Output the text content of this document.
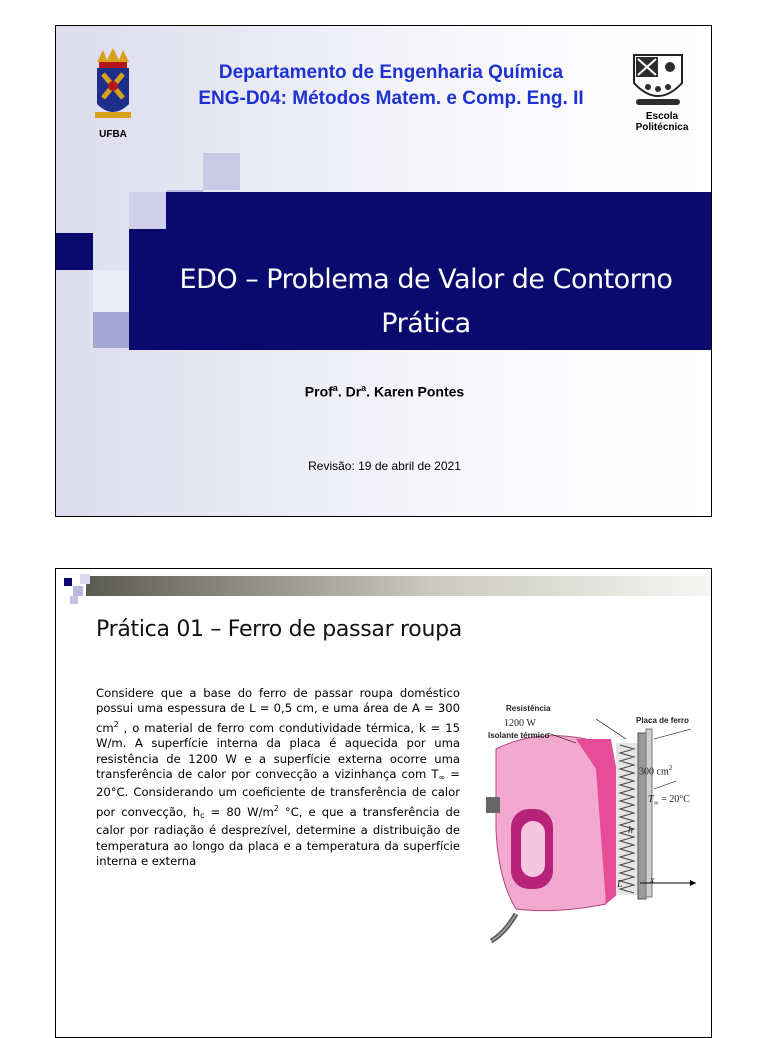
EDO – Problema de Valor de Contorno
Prática
UFBA
Departamento de Engenharia Química
ENG-D04: Métodos Matem. e Comp. Eng. II
Escola
Politécnica
Prof$^a$. Dr$^a$. Karen Pontes
Revisão: 19 de abril de 2021
Prática 01 – Ferro de passar roupa
Considere que a base do ferro de passar roupa doméstico possui uma espessura de L = 0,5 cm, e uma área de A = 300 $cm^2$ , o material de ferro com condutividade térmica, k = 15 W/m. A superfície interna da placa é aquecida por uma resistência de 1200 W e a superfície externa ocorre uma transferência de calor por convecção a vizinhança com $T_\infty = 20^\circ C$. Considerando um coeficiente de transferência de calor por convecção, $h_c = 80$ $W/m^2$ °C, e que a transferência de calor por radiação é desprezível, determine a distribuição de temperatura ao longo da placa e a temperatura da superfície interna e externa
Resistência
1200 W
Isolante térmico
Placa de ferro
300 $cm^2$
$T_\infty = 20^\circ C$
h
L	x
